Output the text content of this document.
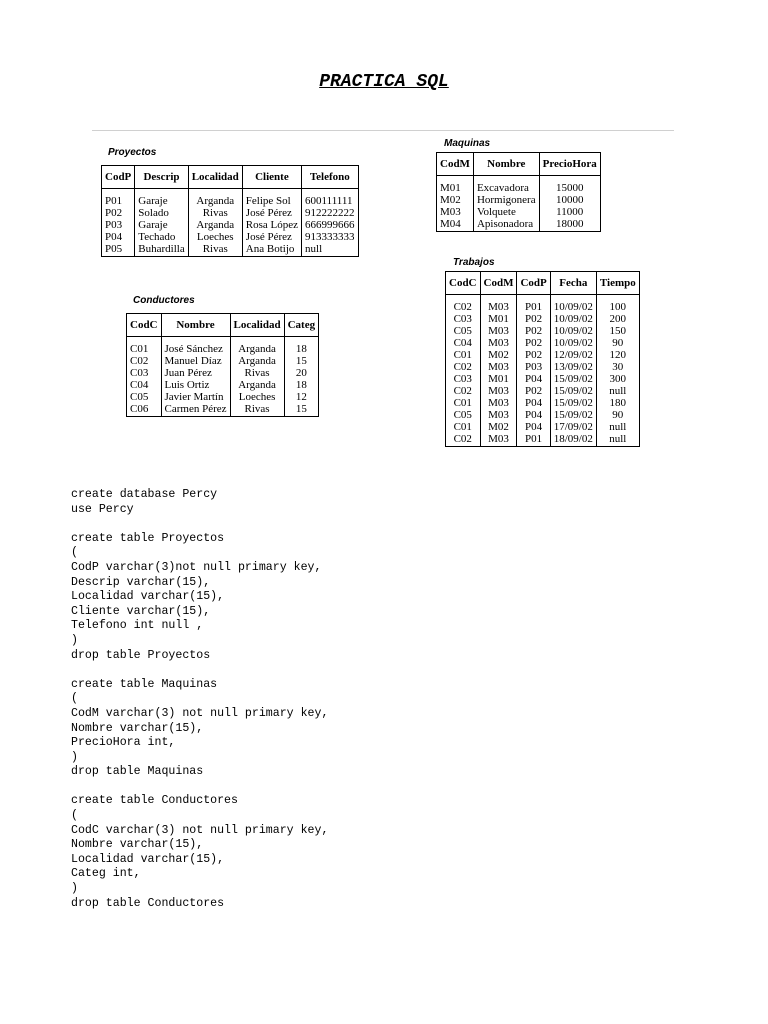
PRACTICA SQL
Proyectos
CodP	Descrip	Localidad	Cliente	Telefono
P01	Garaje	Arganda	Felipe Sol	600111111
P02	Solado	Rivas	José Pérez	912222222
P03	Garaje	Arganda	Rosa López	666999666
P04	Techado	Loeches	José Pérez	913333333
P05	Buhardilla	Rivas	Ana Botijo	null
Maquinas
CodM	Nombre	PrecioHora
M01	Excavadora	15000
M02	Hormigonera	10000
M03	Volquete	11000
M04	Apisonadora	18000
Conductores
CodC	Nombre	Localidad	Categ
C01	José Sánchez	Arganda	18
C02	Manuel Díaz	Arganda	15
C03	Juan Pérez	Rivas	20
C04	Luis Ortiz	Arganda	18
C05	Javier Martín	Loeches	12
C06	Carmen Pérez	Rivas	15
Trabajos
CodC	CodM	CodP	Fecha	Tiempo
C02	M03	P01	10/09/02	100
C03	M01	P02	10/09/02	200
C05	M03	P02	10/09/02	150
C04	M03	P02	10/09/02	90
C01	M02	P02	12/09/02	120
C02	M03	P03	13/09/02	30
C03	M01	P04	15/09/02	300
C02	M03	P02	15/09/02	null
C01	M03	P04	15/09/02	180
C05	M03	P04	15/09/02	90
C01	M02	P04	17/09/02	null
C02	M03	P01	18/09/02	null
create database Percy
use Percy

create table Proyectos
(
CodP varchar(3)not null primary key,
Descrip varchar(15),
Localidad varchar(15),
Cliente varchar(15),
Telefono int null ,
)
drop table Proyectos

create table Maquinas
(
CodM varchar(3) not null primary key,
Nombre varchar(15),
PrecioHora int,
)
drop table Maquinas

create table Conductores
(
CodC varchar(3) not null primary key,
Nombre varchar(15),
Localidad varchar(15),
Categ int,
)
drop table Conductores
